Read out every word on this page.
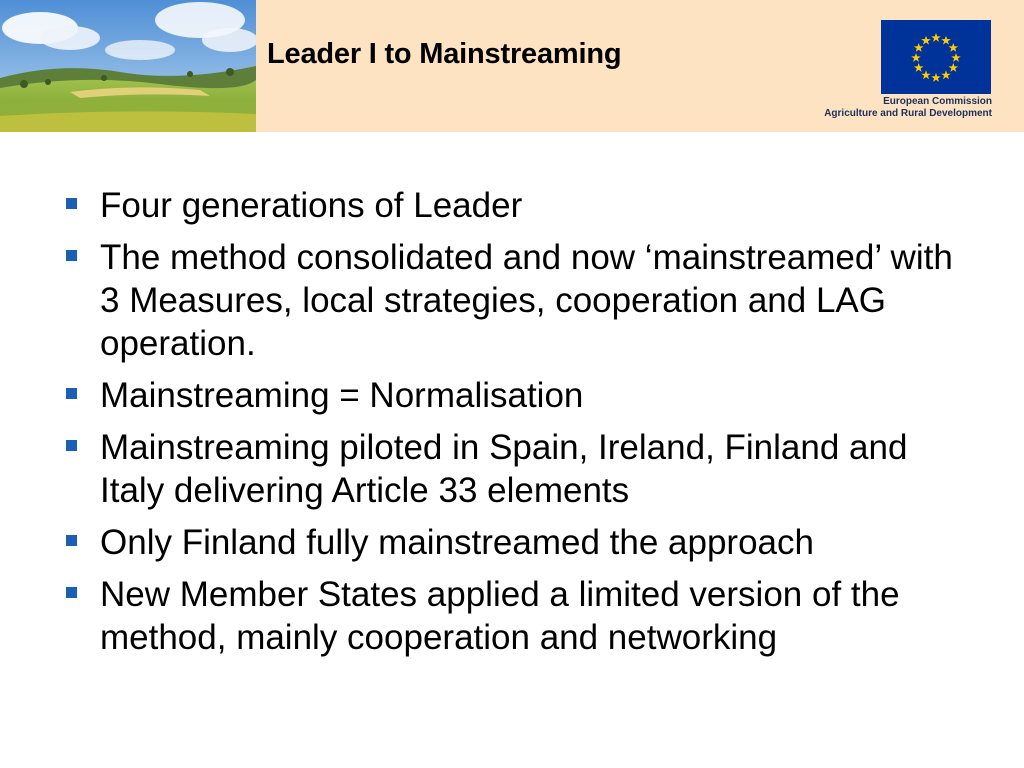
Leader I to Mainstreaming
European Commission
Agriculture and Rural Development
Four generations of Leader
The method consolidated and now ‘mainstreamed’ with 3 Measures, local strategies, cooperation and LAG operation.
Mainstreaming = Normalisation
Mainstreaming piloted in Spain, Ireland, Finland and Italy delivering Article 33 elements
Only Finland fully mainstreamed the approach
New Member States applied a limited version of the method, mainly cooperation and networking
